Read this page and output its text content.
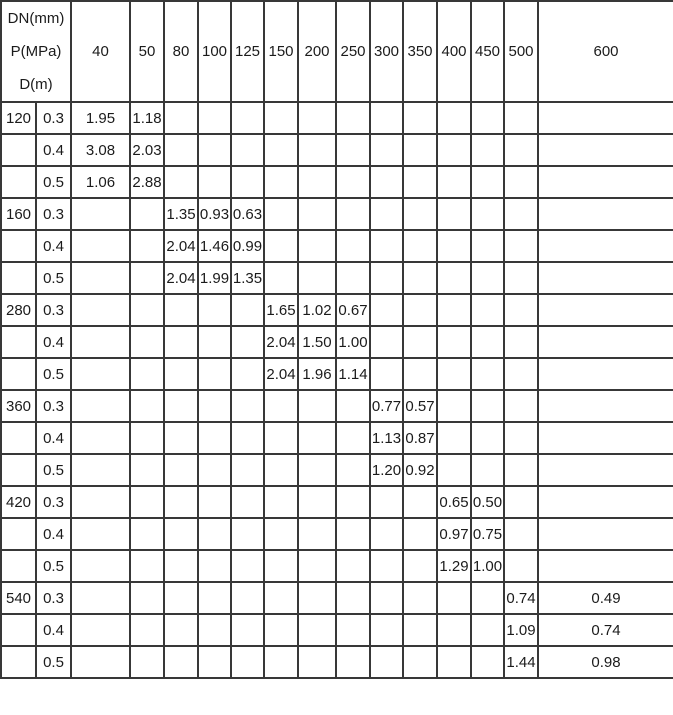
DN(mm)
P(MPa)
D(m)		40	50	80	100	125	150	200	250	300	350	400	450	500	600
120	0.3	1.95	1.18												
	0.4	3.08	2.03												
	0.5	1.06	2.88												
160	0.3			1.35	0.93	0.63									
	0.4			2.04	1.46	0.99									
	0.5			2.04	1.99	1.35									
280	0.3						1.65	1.02	0.67						
	0.4						2.04	1.50	1.00						
	0.5						2.04	1.96	1.14						
360	0.3									0.77	0.57				
	0.4									1.13	0.87				
	0.5									1.20	0.92				
420	0.3											0.65	0.50		
	0.4											0.97	0.75		
	0.5											1.29	1.00		
540	0.3													0.74	0.49
	0.4													1.09	0.74
	0.5													1.44	0.98
